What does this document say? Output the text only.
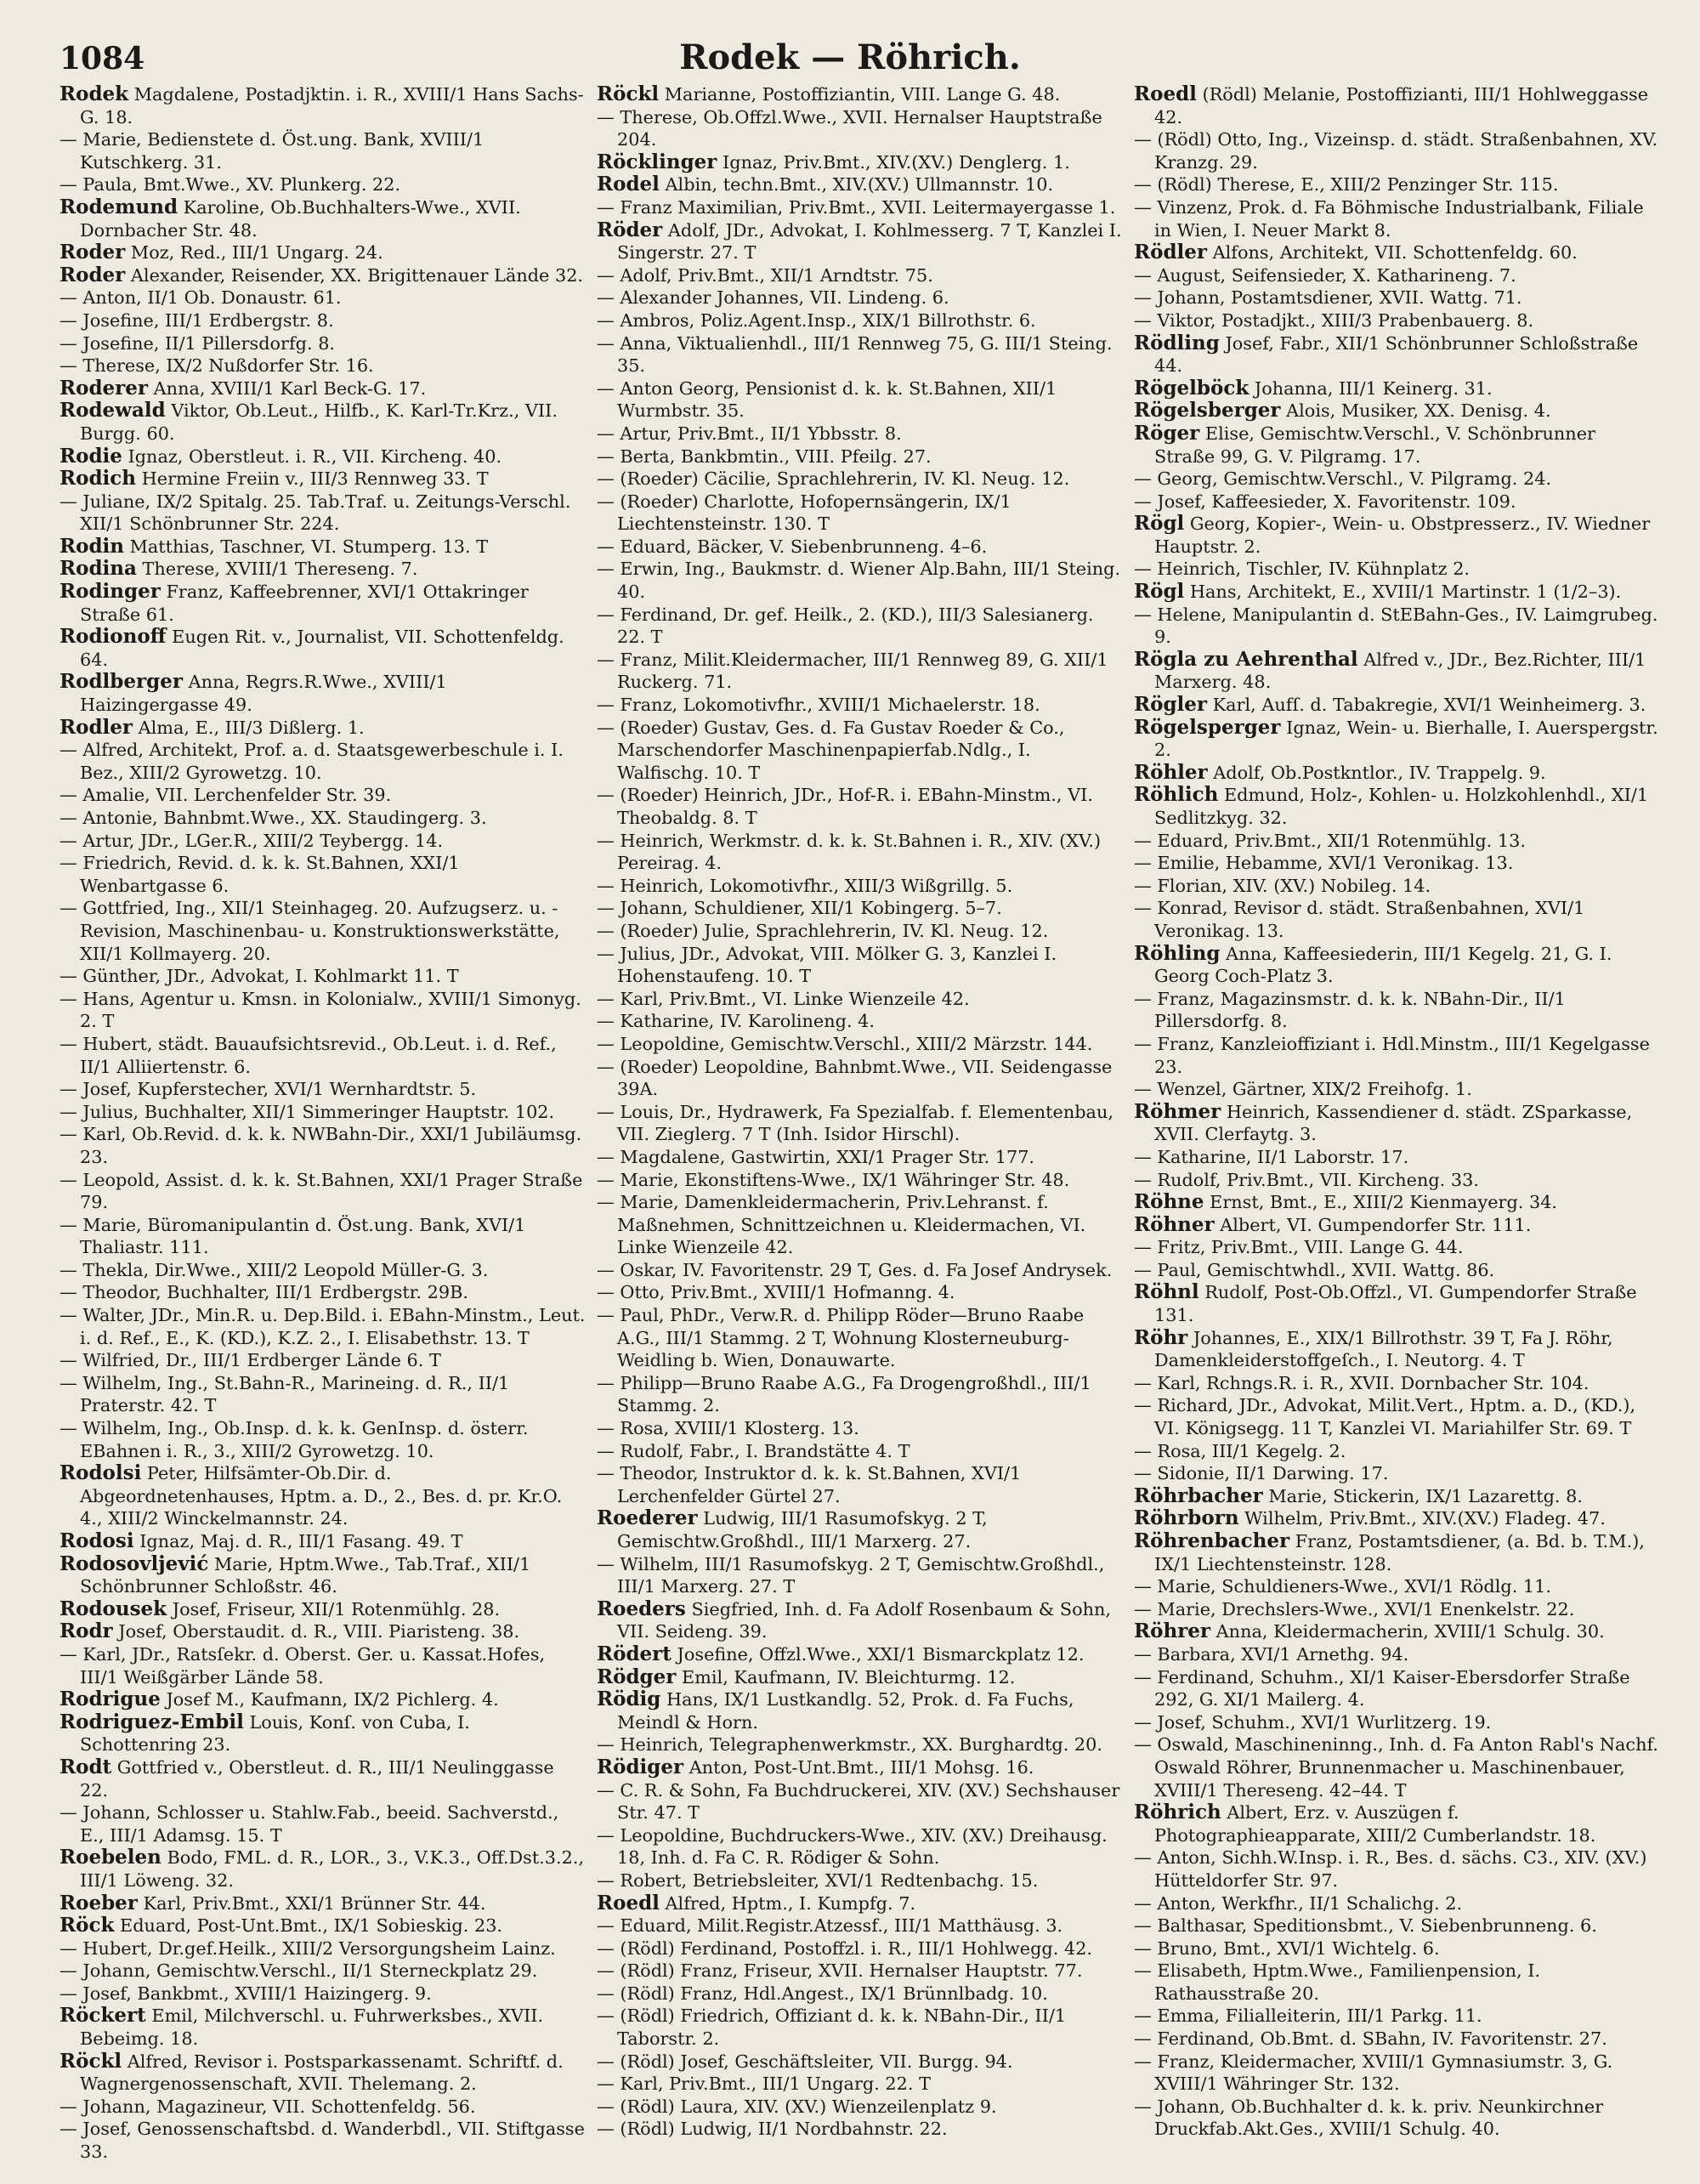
1084	Rodek — Röhrich.

Rodek Magdalene, Postadjktin. i. R., XVIII/1 Hans Sachs-G. 18.

— Marie, Bedienstete d. Öst.ung. Bank, XVIII/1 Kutschkerg. 31.

— Paula, Bmt.Wwe., XV. Plunkerg. 22.

Rodemund Karoline, Ob.Buchhalters-Wwe., XVII. Dornbacher Str. 48.

Roder Moz, Red., III/1 Ungarg. 24.

Roder Alexander, Reisender, XX. Brigittenauer Lände 32.

— Anton, II/1 Ob. Donaustr. 61.

— Josefine, III/1 Erdbergstr. 8.

— Josefine, II/1 Pillersdorfg. 8.

— Therese, IX/2 Nußdorfer Str. 16.

Roderer Anna, XVIII/1 Karl Beck-G. 17.

Rodewald Viktor, Ob.Leut., Hilfb., K. Karl-Tr.Krz., VII. Burgg. 60.

Rodie Ignaz, Oberstleut. i. R., VII. Kircheng. 40.

Rodich Hermine Freiin v., III/3 Rennweg 33. T

— Juliane, IX/2 Spitalg. 25. Tab.Traf. u. Zeitungs-Verschl. XII/1 Schönbrunner Str. 224.

Rodin Matthias, Taschner, VI. Stumperg. 13. T

Rodina Therese, XVIII/1 Thereseng. 7.

Rodinger Franz, Kaffeebrenner, XVI/1 Ottakringer Straße 61.

Rodionoff Eugen Rit. v., Journalist, VII. Schottenfeldg. 64.

Rodlberger Anna, Regrs.R.Wwe., XVIII/1 Haizingergasse 49.

Rodler Alma, E., III/3 Dißlerg. 1.

— Alfred, Architekt, Prof. a. d. Staatsgewerbeschule i. I. Bez., XIII/2 Gyrowetzg. 10.

— Amalie, VII. Lerchenfelder Str. 39.

— Antonie, Bahnbmt.Wwe., XX. Staudingerg. 3.

— Artur, JDr., LGer.R., XIII/2 Teybergg. 14.

— Friedrich, Revid. d. k. k. St.Bahnen, XXI/1 Wenbartgasse 6.

— Gottfried, Ing., XII/1 Steinhageg. 20. Aufzugserz. u. -Revision, Maschinenbau- u. Konstruktionswerkstätte, XII/1 Kollmayerg. 20.

— Günther, JDr., Advokat, I. Kohlmarkt 11. T

— Hans, Agentur u. Kmsn. in Kolonialw., XVIII/1 Simonyg. 2. T

— Hubert, städt. Bauaufsichtsrevid., Ob.Leut. i. d. Ref., II/1 Alliiertenstr. 6.

— Josef, Kupferstecher, XVI/1 Wernhardtstr. 5.

— Julius, Buchhalter, XII/1 Simmeringer Hauptstr. 102.

— Karl, Ob.Revid. d. k. k. NWBahn-Dir., XXI/1 Jubiläumsg. 23.

— Leopold, Assist. d. k. k. St.Bahnen, XXI/1 Prager Straße 79.

— Marie, Büromanipulantin d. Öst.ung. Bank, XVI/1 Thaliastr. 111.

— Thekla, Dir.Wwe., XIII/2 Leopold Müller-G. 3.

— Theodor, Buchhalter, III/1 Erdbergstr. 29B.

— Walter, JDr., Min.R. u. Dep.Bild. i. EBahn-Minstm., Leut. i. d. Ref., E., K. (KD.), K.Z. 2., I. Elisabethstr. 13. T

— Wilfried, Dr., III/1 Erdberger Lände 6. T

— Wilhelm, Ing., St.Bahn-R., Marineing. d. R., II/1 Praterstr. 42. T

— Wilhelm, Ing., Ob.Insp. d. k. k. GenInsp. d. österr. EBahnen i. R., 3., XIII/2 Gyrowetzg. 10.

Rodolsi Peter, Hilfsämter-Ob.Dir. d. Abgeordnetenhauses, Hptm. a. D., 2., Bes. d. pr. Kr.O. 4., XIII/2 Winckelmannstr. 24.

Rodosi Ignaz, Maj. d. R., III/1 Fasang. 49. T

Rodosovljević Marie, Hptm.Wwe., Tab.Traf., XII/1 Schönbrunner Schloßstr. 46.

Rodousek Josef, Friseur, XII/1 Rotenmühlg. 28.

Rodr Josef, Oberstaudit. d. R., VIII. Piaristeng. 38.

— Karl, JDr., Ratsſekr. d. Oberst. Ger. u. Kassat.Hofes, III/1 Weißgärber Lände 58.

Rodrigue Josef M., Kaufmann, IX/2 Pichlerg. 4.

Rodriguez-Embil Louis, Konſ. von Cuba, I. Schottenring 23.

Rodt Gottfried v., Oberstleut. d. R., III/1 Neulinggasse 22.

— Johann, Schlosser u. Stahlw.Fab., beeid. Sachverstd., E., III/1 Adamsg. 15. T

Roebelen Bodo, FML. d. R., LOR., 3., V.K.3., Off.Dst.3.2., III/1 Löweng. 32.

Roeber Karl, Priv.Bmt., XXI/1 Brünner Str. 44.

Röck Eduard, Post-Unt.Bmt., IX/1 Sobieskig. 23.

— Hubert, Dr.gef.Heilk., XIII/2 Versorgungsheim Lainz.

— Johann, Gemischtw.Verschl., II/1 Sterneckplatz 29.

— Josef, Bankbmt., XVIII/1 Haizingerg. 9.

Röckert Emil, Milchverschl. u. Fuhrwerksbes., XVII. Bebeimg. 18.

Röckl Alfred, Revisor i. Postsparkassenamt. Schriftf. d. Wagnergenossenschaft, XVII. Thelemang. 2.

— Johann, Magazineur, VII. Schottenfeldg. 56.

— Josef, Genossenschaftsbd. d. Wanderbdl., VII. Stiftgasse 33.

Röckl Marianne, Postoffiziantin, VIII. Lange G. 48.

— Therese, Ob.Offzl.Wwe., XVII. Hernalser Hauptstraße 204.

Röcklinger Ignaz, Priv.Bmt., XIV.(XV.) Denglerg. 1.

Rodel Albin, techn.Bmt., XIV.(XV.) Ullmannstr. 10.

— Franz Maximilian, Priv.Bmt., XVII. Leitermayergasse 1.

Röder Adolf, JDr., Advokat, I. Kohlmesserg. 7 T, Kanzlei I. Singerstr. 27. T

— Adolf, Priv.Bmt., XII/1 Arndtstr. 75.

— Alexander Johannes, VII. Lindeng. 6.

— Ambros, Poliz.Agent.Insp., XIX/1 Billrothstr. 6.

— Anna, Viktualienhdl., III/1 Rennweg 75, G. III/1 Steing. 35.

— Anton Georg, Pensionist d. k. k. St.Bahnen, XII/1 Wurmbstr. 35.

— Artur, Priv.Bmt., II/1 Ybbsstr. 8.

— Berta, Bankbmtin., VIII. Pfeilg. 27.

— (Roeder) Cäcilie, Sprachlehrerin, IV. Kl. Neug. 12.

— (Roeder) Charlotte, Hofopernsängerin, IX/1 Liechtensteinstr. 130. T

— Eduard, Bäcker, V. Siebenbrunneng. 4–6.

— Erwin, Ing., Baukmstr. d. Wiener Alp.Bahn, III/1 Steing. 40.

— Ferdinand, Dr. gef. Heilk., 2. (KD.), III/3 Salesianerg. 22. T

— Franz, Milit.Kleidermacher, III/1 Rennweg 89, G. XII/1 Ruckerg. 71.

— Franz, Lokomotivfhr., XVIII/1 Michaelerstr. 18.

— (Roeder) Gustav, Ges. d. Fa Gustav Roeder & Co., Marschendorfer Maschinenpapierfab.Ndlg., I. Walfischg. 10. T

— (Roeder) Heinrich, JDr., Hof-R. i. EBahn-Minstm., VI. Theobaldg. 8. T

— Heinrich, Werkmstr. d. k. k. St.Bahnen i. R., XIV. (XV.) Pereirag. 4.

— Heinrich, Lokomotivfhr., XIII/3 Wißgrillg. 5.

— Johann, Schuldiener, XII/1 Kobingerg. 5–7.

— (Roeder) Julie, Sprachlehrerin, IV. Kl. Neug. 12.

— Julius, JDr., Advokat, VIII. Mölker G. 3, Kanzlei I. Hohenstaufeng. 10. T

— Karl, Priv.Bmt., VI. Linke Wienzeile 42.

— Katharine, IV. Karolineng. 4.

— Leopoldine, Gemischtw.Verschl., XIII/2 Märzstr. 144.

— (Roeder) Leopoldine, Bahnbmt.Wwe., VII. Seidengasse 39A.

— Louis, Dr., Hydrawerk, Fa Spezialfab. f. Elementenbau, VII. Zieglerg. 7 T (Inh. Isidor Hirschl).

— Magdalene, Gastwirtin, XXI/1 Prager Str. 177.

— Marie, Ekonstiftens-Wwe., IX/1 Währinger Str. 48.

— Marie, Damenkleidermacherin, Priv.Lehranst. f. Maßnehmen, Schnittzeichnen u. Kleidermachen, VI. Linke Wienzeile 42.

— Oskar, IV. Favoritenstr. 29 T, Ges. d. Fa Josef Andrysek.

— Otto, Priv.Bmt., XVIII/1 Hofmanng. 4.

— Paul, PhDr., Verw.R. d. Philipp Röder—Bruno Raabe A.G., III/1 Stammg. 2 T, Wohnung Klosterneuburg-Weidling b. Wien, Donauwarte.

— Philipp—Bruno Raabe A.G., Fa Drogengroßhdl., III/1 Stammg. 2.

— Rosa, XVIII/1 Klosterg. 13.

— Rudolf, Fabr., I. Brandstätte 4. T

— Theodor, Instruktor d. k. k. St.Bahnen, XVI/1 Lerchenfelder Gürtel 27.

Roederer Ludwig, III/1 Rasumofskyg. 2 T, Gemischtw.Großhdl., III/1 Marxerg. 27.

— Wilhelm, III/1 Rasumofskyg. 2 T, Gemischtw.Großhdl., III/1 Marxerg. 27. T

Roeders Siegfried, Inh. d. Fa Adolf Rosenbaum & Sohn, VII. Seideng. 39.

Rödert Josefine, Offzl.Wwe., XXI/1 Bismarckplatz 12.

Rödger Emil, Kaufmann, IV. Bleichturmg. 12.

Rödig Hans, IX/1 Lustkandlg. 52, Prok. d. Fa Fuchs, Meindl & Horn.

— Heinrich, Telegraphenwerkmstr., XX. Burghardtg. 20.

Rödiger Anton, Post-Unt.Bmt., III/1 Mohsg. 16.

— C. R. & Sohn, Fa Buchdruckerei, XIV. (XV.) Sechshauser Str. 47. T

— Leopoldine, Buchdruckers-Wwe., XIV. (XV.) Dreihausg. 18, Inh. d. Fa C. R. Rödiger & Sohn.

— Robert, Betriebsleiter, XVI/1 Redtenbachg. 15.

Roedl Alfred, Hptm., I. Kumpfg. 7.

— Eduard, Milit.Registr.Atzessf., III/1 Matthäusg. 3.

— (Rödl) Ferdinand, Postoffzl. i. R., III/1 Hohlwegg. 42.

— (Rödl) Franz, Friseur, XVII. Hernalser Hauptstr. 77.

— (Rödl) Franz, Hdl.Angest., IX/1 Brünnlbadg. 10.

— (Rödl) Friedrich, Offiziant d. k. k. NBahn-Dir., II/1 Taborstr. 2.

— (Rödl) Josef, Geschäftsleiter, VII. Burgg. 94.

— Karl, Priv.Bmt., III/1 Ungarg. 22. T

— (Rödl) Laura, XIV. (XV.) Wienzeilenplatz 9.

— (Rödl) Ludwig, II/1 Nordbahnstr. 22.

Roedl (Rödl) Melanie, Postoffizianti, III/1 Hohlweggasse 42.

— (Rödl) Otto, Ing., Vizeinsp. d. städt. Straßenbahnen, XV. Kranzg. 29.

— (Rödl) Therese, E., XIII/2 Penzinger Str. 115.

— Vinzenz, Prok. d. Fa Böhmische Industrialbank, Filiale in Wien, I. Neuer Markt 8.

Rödler Alfons, Architekt, VII. Schottenfeldg. 60.

— August, Seifensieder, X. Katharineng. 7.

— Johann, Postamtsdiener, XVII. Wattg. 71.

— Viktor, Postadjkt., XIII/3 Prabenbauerg. 8.

Rödling Josef, Fabr., XII/1 Schönbrunner Schloßstraße 44.

Rögelböck Johanna, III/1 Keinerg. 31.

Rögelsberger Alois, Musiker, XX. Denisg. 4.

Röger Elise, Gemischtw.Verschl., V. Schönbrunner Straße 99, G. V. Pilgramg. 17.

— Georg, Gemischtw.Verschl., V. Pilgramg. 24.

— Josef, Kaffeesieder, X. Favoritenstr. 109.

Rögl Georg, Kopier-, Wein- u. Obstpresserz., IV. Wiedner Hauptstr. 2.

— Heinrich, Tischler, IV. Kühnplatz 2.

Rögl Hans, Architekt, E., XVIII/1 Martinstr. 1 (1/2–3).

— Helene, Manipulantin d. StEBahn-Ges., IV. Laimgrubeg. 9.

Rögla zu Aehrenthal Alfred v., JDr., Bez.Richter, III/1 Marxerg. 48.

Rögler Karl, Aufſ. d. Tabakregie, XVI/1 Weinheimerg. 3.

Rögelsperger Ignaz, Wein- u. Bierhalle, I. Auerspergstr. 2.

Röhler Adolf, Ob.Postkntlor., IV. Trappelg. 9.

Röhlich Edmund, Holz-, Kohlen- u. Holzkohlenhdl., XI/1 Sedlitzkyg. 32.

— Eduard, Priv.Bmt., XII/1 Rotenmühlg. 13.

— Emilie, Hebamme, XVI/1 Veronikag. 13.

— Florian, XIV. (XV.) Nobileg. 14.

— Konrad, Revisor d. städt. Straßenbahnen, XVI/1 Veronikag. 13.

Röhling Anna, Kaffeesiederin, III/1 Kegelg. 21, G. I. Georg Coch-Platz 3.

— Franz, Magazinsmstr. d. k. k. NBahn-Dir., II/1 Pillersdorfg. 8.

— Franz, Kanzleioffiziant i. Hdl.Minstm., III/1 Kegelgasse 23.

— Wenzel, Gärtner, XIX/2 Freihofg. 1.

Röhmer Heinrich, Kassendiener d. städt. ZSparkasse, XVII. Clerfaytg. 3.

— Katharine, II/1 Laborstr. 17.

— Rudolf, Priv.Bmt., VII. Kircheng. 33.

Röhne Ernst, Bmt., E., XIII/2 Kienmayerg. 34.

Röhner Albert, VI. Gumpendorfer Str. 111.

— Fritz, Priv.Bmt., VIII. Lange G. 44.

— Paul, Gemischtwhdl., XVII. Wattg. 86.

Röhnl Rudolf, Post-Ob.Offzl., VI. Gumpendorfer Straße 131.

Röhr Johannes, E., XIX/1 Billrothstr. 39 T, Fa J. Röhr, Damenkleiderstoffgeſch., I. Neutorg. 4. T

— Karl, Rchngs.R. i. R., XVII. Dornbacher Str. 104.

— Richard, JDr., Advokat, Milit.Vert., Hptm. a. D., (KD.), VI. Königsegg. 11 T, Kanzlei VI. Mariahilfer Str. 69. T

— Rosa, III/1 Kegelg. 2.

— Sidonie, II/1 Darwing. 17.

Röhrbacher Marie, Stickerin, IX/1 Lazarettg. 8.

Röhrborn Wilhelm, Priv.Bmt., XIV.(XV.) Fladeg. 47.

Röhrenbacher Franz, Postamtsdiener, (a. Bd. b. T.M.), IX/1 Liechtensteinstr. 128.

— Marie, Schuldieners-Wwe., XVI/1 Rödlg. 11.

— Marie, Drechslers-Wwe., XVI/1 Enenkelstr. 22.

Röhrer Anna, Kleidermacherin, XVIII/1 Schulg. 30.

— Barbara, XVI/1 Arnethg. 94.

— Ferdinand, Schuhm., XI/1 Kaiser-Ebersdorfer Straße 292, G. XI/1 Mailerg. 4.

— Josef, Schuhm., XVI/1 Wurlitzerg. 19.

— Oswald, Maschineninng., Inh. d. Fa Anton Rabl's Nachf. Oswald Röhrer, Brunnenmacher u. Maschinenbauer, XVIII/1 Thereseng. 42–44. T

Röhrich Albert, Erz. v. Auszügen f. Photographieapparate, XIII/2 Cumberlandstr. 18.

— Anton, Sichh.W.Insp. i. R., Bes. d. sächs. C3., XIV. (XV.) Hütteldorfer Str. 97.

— Anton, Werkfhr., II/1 Schalichg. 2.

— Balthasar, Speditionsbmt., V. Siebenbrunneng. 6.

— Bruno, Bmt., XVI/1 Wichtelg. 6.

— Elisabeth, Hptm.Wwe., Familienpension, I. Rathausstraße 20.

— Emma, Filialleiterin, III/1 Parkg. 11.

— Ferdinand, Ob.Bmt. d. SBahn, IV. Favoritenstr. 27.

— Franz, Kleidermacher, XVIII/1 Gymnasiumstr. 3, G. XVIII/1 Währinger Str. 132.

— Johann, Ob.Buchhalter d. k. k. priv. Neunkirchner Druckfab.Akt.Ges., XVIII/1 Schulg. 40.
